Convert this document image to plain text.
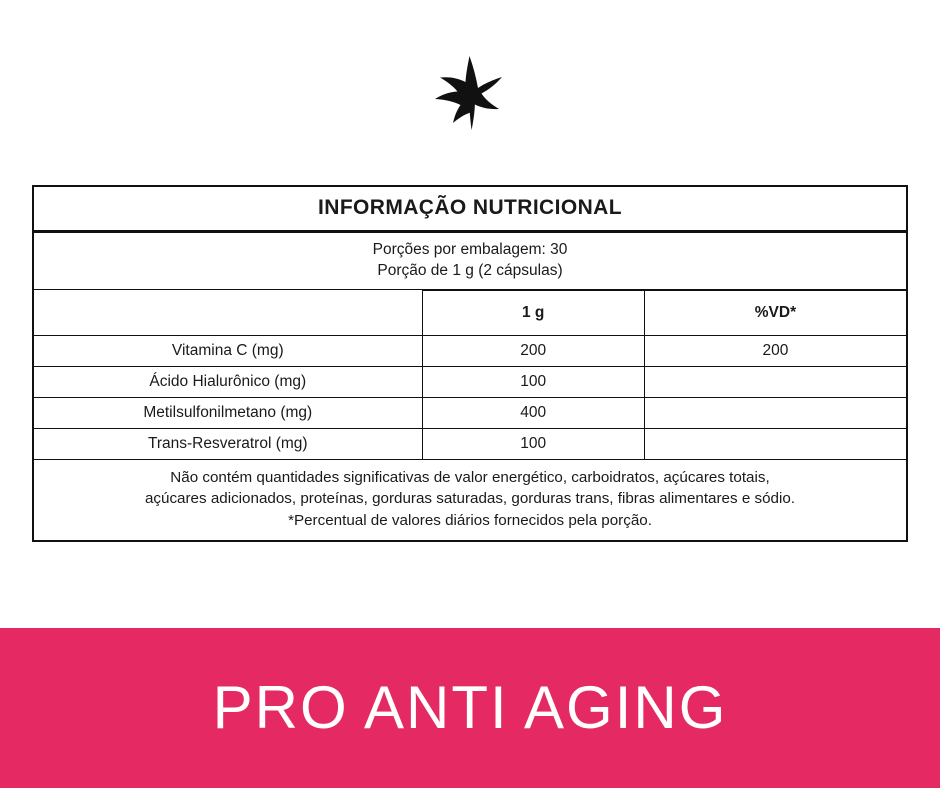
INFORMAÇÃO NUTRICIONAL
Porções por embalagem: 30
Porção de 1 g (2 cápsulas)
	1 g	%VD*
Vitamina C (mg)	200	200
Ácido Hialurônico (mg)	100	
Metilsulfonilmetano (mg)	400	
Trans-Resveratrol (mg)	100	
Não contém quantidades significativas de valor energético, carboidratos, açúcares totais,
açúcares adicionados, proteínas, gorduras saturadas, gorduras trans, fibras alimentares e sódio.
*Percentual de valores diários fornecidos pela porção.
PRO ANTI AGING
